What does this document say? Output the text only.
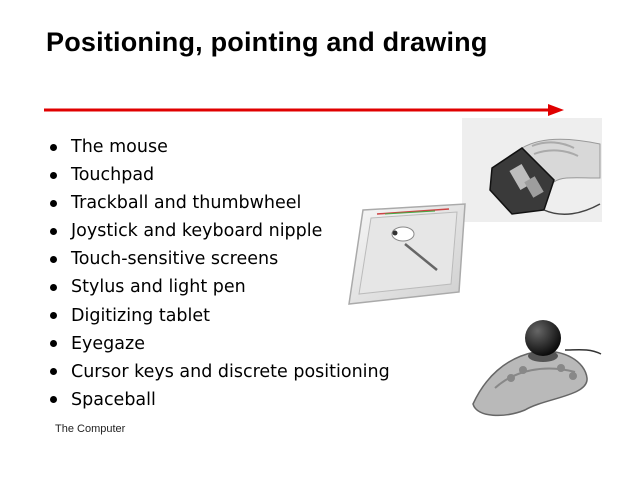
Positioning, pointing and drawing
The mouse
Touchpad
Trackball and thumbwheel
Joystick and keyboard nipple
Touch-sensitive screens
Stylus and light pen
Digitizing tablet
Eyegaze
Cursor keys and discrete positioning
Spaceball
The Computer
